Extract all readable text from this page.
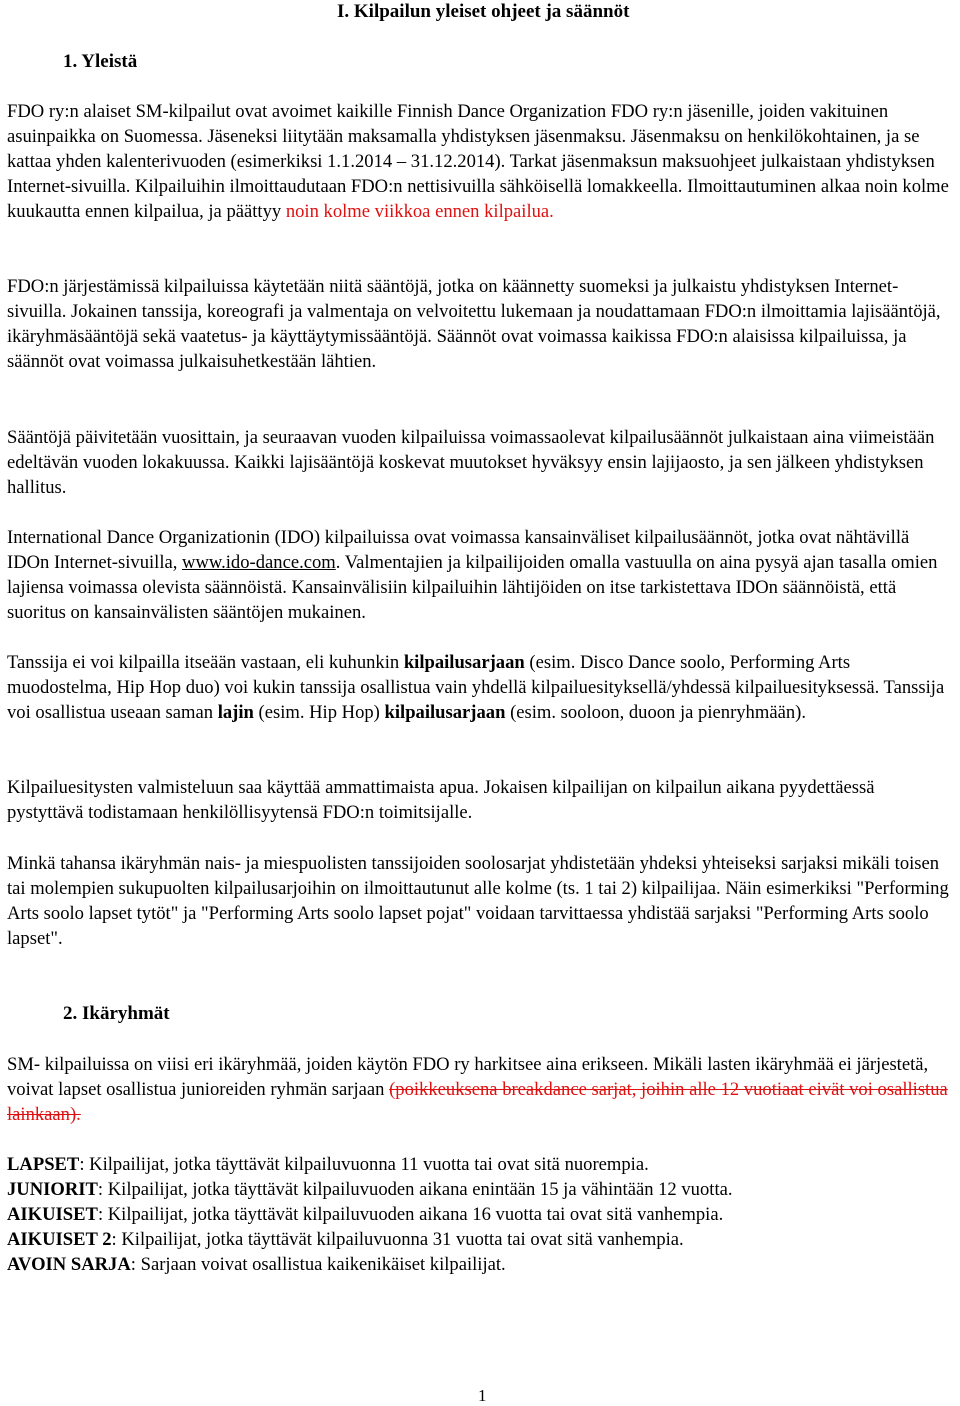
I. Kilpailun yleiset ohjeet ja säännöt
1. Yleistä

FDO ry:n alaiset SM-kilpailut ovat avoimet kaikille Finnish Dance Organization FDO ry:n jäsenille, joiden vakituinen asuinpaikka on Suomessa. Jäseneksi liitytään maksamalla yhdistyksen jäsenmaksu. Jäsenmaksu on henkilökohtainen, ja se kattaa yhden kalenterivuoden (esimerkiksi 1.1.2014 – 31.12.2014). Tarkat jäsenmaksun maksuohjeet julkaistaan yhdistyksen Internet-sivuilla. Kilpailuihin ilmoittaudutaan FDO:n nettisivuilla sähköisellä lomakkeella. Ilmoittautuminen alkaa noin kolme kuukautta ennen kilpailua, ja päättyy noin kolme viikkoa ennen kilpailua.

FDO:n järjestämissä kilpailuissa käytetään niitä sääntöjä, jotka on käännetty suomeksi ja julkaistu yhdistyksen Internet-sivuilla. Jokainen tanssija, koreografi ja valmentaja on velvoitettu lukemaan ja noudattamaan FDO:n ilmoittamia lajisääntöjä, ikäryhmäsääntöjä sekä vaatetus- ja käyttäytymissääntöjä. Säännöt ovat voimassa kaikissa FDO:n alaisissa kilpailuissa, ja säännöt ovat voimassa julkaisuhetkestään lähtien.

Sääntöjä päivitetään vuosittain, ja seuraavan vuoden kilpailuissa voimassaolevat kilpailusäännöt julkaistaan aina viimeistään edeltävän vuoden lokakuussa. Kaikki lajisääntöjä koskevat muutokset hyväksyy ensin lajijaosto, ja sen jälkeen yhdistyksen hallitus.

International Dance Organizationin (IDO) kilpailuissa ovat voimassa kansainväliset kilpailusäännöt, jotka ovat nähtävillä IDOn Internet-sivuilla, www.ido-dance.com. Valmentajien ja kilpailijoiden omalla vastuulla on aina pysyä ajan tasalla omien lajiensa voimassa olevista säännöistä. Kansainvälisiin kilpailuihin lähtijöiden on itse tarkistettava IDOn säännöistä, että suoritus on kansainvälisten sääntöjen mukainen.

Tanssija ei voi kilpailla itseään vastaan, eli kuhunkin kilpailusarjaan (esim. Disco Dance soolo, Performing Arts muodostelma, Hip Hop duo) voi kukin tanssija osallistua vain yhdellä kilpailuesityksellä/yhdessä kilpailuesityksessä. Tanssija voi osallistua useaan saman lajin (esim. Hip Hop) kilpailusarjaan (esim. sooloon, duoon ja pienryhmään).

Kilpailuesitysten valmisteluun saa käyttää ammattimaista apua. Jokaisen kilpailijan on kilpailun aikana pyydettäessä pystyttävä todistamaan henkilöllisyytensä FDO:n toimitsijalle.

Minkä tahansa ikäryhmän nais- ja miespuolisten tanssijoiden soolosarjat yhdistetään yhdeksi yhteiseksi sarjaksi mikäli toisen tai molempien sukupuolten kilpailusarjoihin on ilmoittautunut alle kolme (ts. 1 tai 2) kilpailijaa. Näin esimerkiksi "Performing Arts soolo lapset tytöt" ja "Performing Arts soolo lapset pojat" voidaan tarvittaessa yhdistää sarjaksi "Performing Arts soolo lapset".

2. Ikäryhmät

SM- kilpailuissa on viisi eri ikäryhmää, joiden käytön FDO ry harkitsee aina erikseen. Mikäli lasten ikäryhmää ei järjestetä, voivat lapset osallistua junioreiden ryhmän sarjaan (poikkeuksena breakdance sarjat, joihin alle 12 vuotiaat eivät voi osallistua lainkaan).

LAPSET: Kilpailijat, jotka täyttävät kilpailuvuonna 11 vuotta tai ovat sitä nuorempia.
JUNIORIT: Kilpailijat, jotka täyttävät kilpailuvuoden aikana enintään 15 ja vähintään 12 vuotta.
AIKUISET: Kilpailijat, jotka täyttävät kilpailuvuoden aikana 16 vuotta tai ovat sitä vanhempia.
AIKUISET 2: Kilpailijat, jotka täyttävät kilpailuvuonna 31 vuotta tai ovat sitä vanhempia.
AVOIN SARJA: Sarjaan voivat osallistua kaikenikäiset kilpailijat.
1
